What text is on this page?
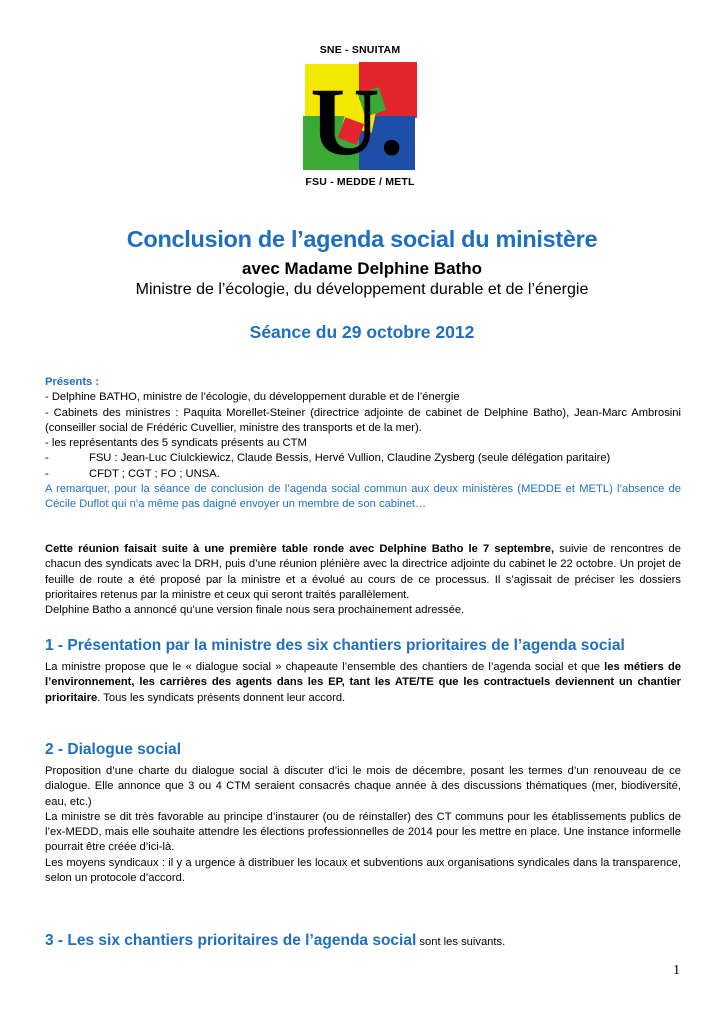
SNE - SNUITAM
U.
FSU - MEDDE / METL
Conclusion de l’agenda social du ministère
avec Madame Delphine Batho
Ministre de l’écologie, du développement durable et de l’énergie
Séance du 29 octobre 2012

Présents :

- Delphine BATHO, ministre de l’écologie, du développement durable et de l’énergie

- Cabinets des ministres : Paquita Morellet-Steiner (directrice adjointe de cabinet de Delphine Batho), Jean-Marc Ambrosini (conseiller social de Frédéric Cuvellier, ministre des transports et de la mer).

- les représentants des 5 syndicats présents au CTM

-	FSU : Jean-Luc Ciulckiewicz, Claude Bessis, Hervé Vullion, Claudine Zysberg (seule délégation paritaire)
-	CFDT ; CGT ; FO ; UNSA.

A remarquer, pour la séance de conclusion de l’agenda social commun aux deux ministères (MEDDE et METL) l’absence de Cécile Duflot qui n’a même pas daigné envoyer un membre de son cabinet…

Cette réunion faisait suite à une première table ronde avec Delphine Batho le 7 septembre, suivie de rencontres de chacun des syndicats avec la DRH, puis d’une réunion plénière avec la directrice adjointe du cabinet le 22 octobre. Un projet de feuille de route a été proposé par la ministre et a évolué au cours de ce processus. Il s’agissait de préciser les dossiers prioritaires retenus par la ministre et ceux qui seront traités parallèlement.

Delphine Batho a annoncé qu’une version finale nous sera prochainement adressée.

1 - Présentation par la ministre des six chantiers prioritaires de l’agenda social

La ministre propose que le « dialogue social » chapeaute l’ensemble des chantiers de l’agenda social et que les métiers de l’environnement, les carrières des agents dans les EP, tant les ATE/TE que les contractuels deviennent un chantier prioritaire. Tous les syndicats présents donnent leur accord.

2 - Dialogue social

Proposition d’une charte du dialogue social à discuter d’ici le mois de décembre, posant les termes d’un renouveau de ce dialogue. Elle annonce que 3 ou 4 CTM seraient consacrés chaque année à des discussions thématiques (mer, biodiversité, eau, etc.)

La ministre se dit très favorable au principe d’instaurer (ou de réinstaller) des CT communs pour les établissements publics de l’ex-MEDD, mais elle souhaite attendre les élections professionnelles de 2014 pour les mettre en place. Une instance informelle pourrait être créée d’ici-là.

Les moyens syndicaux : il y a urgence à distribuer les locaux et subventions aux organisations syndicales dans la transparence, selon un protocole d’accord.

3 - Les six chantiers prioritaires de l’agenda social sont les suivants.
1
